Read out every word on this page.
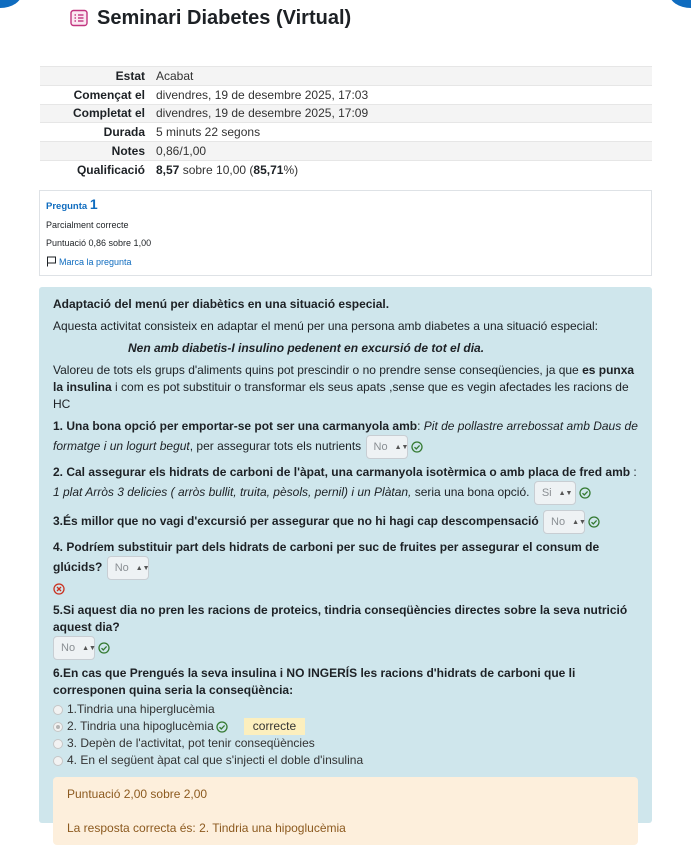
Seminari Diabetes (Virtual)
Estat	Acabat
Començat el	divendres, 19 de desembre 2025, 17:03
Completat el	divendres, 19 de desembre 2025, 17:09
Durada	5 minuts 22 segons
Notes	0,86/1,00
Qualificació	8,57 sobre 10,00 (85,71%)
Pregunta 1
Parcialment correcte
Puntuació 0,86 sobre 1,00
Marca la pregunta

Adaptació del menú per diabètics en una situació especial.

Aquesta activitat consisteix en adaptar el menú per una persona amb diabetes a una situació especial:

Nen amb diabetis-I insulino pedenent en excursió de tot el dia.

Valoreu de tots els grups d'aliments quins pot prescindir o no prendre sense conseqüencies, ja que es punxa la insulina i com es pot substituir o transformar els seus apats ,sense que es vegin afectades les racions de HC

1. Una bona opció per emportar-se pot ser una carmanyola amb: Pit de pollastre arrebossat amb Daus de formatge i un logurt begut, per assegurar tots els nutrients No ▲▼

2. Cal assegurar els hidrats de carboni de l'àpat, una carmanyola isotèrmica o amb placa de fred amb : 1 plat Arròs 3 delicies ( arròs bullit, truita, pèsols, pernil) i un Plàtan, seria una bona opció. Si ▲▼

3.És millor que no vagi d'excursió per assegurar que no hi hagi cap descompensació No ▲▼

4. Podríem substituir part dels hidrats de carboni per suc de fruites per assegurar el consum de glúcids? No ▲▼

5.Si aquest dia no pren les racions de proteics, tindria conseqüències directes sobre la seva nutrició aquest dia?

No ▲▼

6.En cas que Prengués la seva insulina i NO INGERÍS les racions d'hidrats de carboni que li corresponen quina seria la conseqüència:

1.Tindria una hiperglucèmia
2. Tindria una hipoglucèmia	correcte
3. Depèn de l'activitat, pot tenir conseqüències
4. En el següent àpat cal que s'injecti el doble d'insulina

Puntuació 2,00 sobre 2,00

La resposta correcta és: 2. Tindria una hipoglucèmia
